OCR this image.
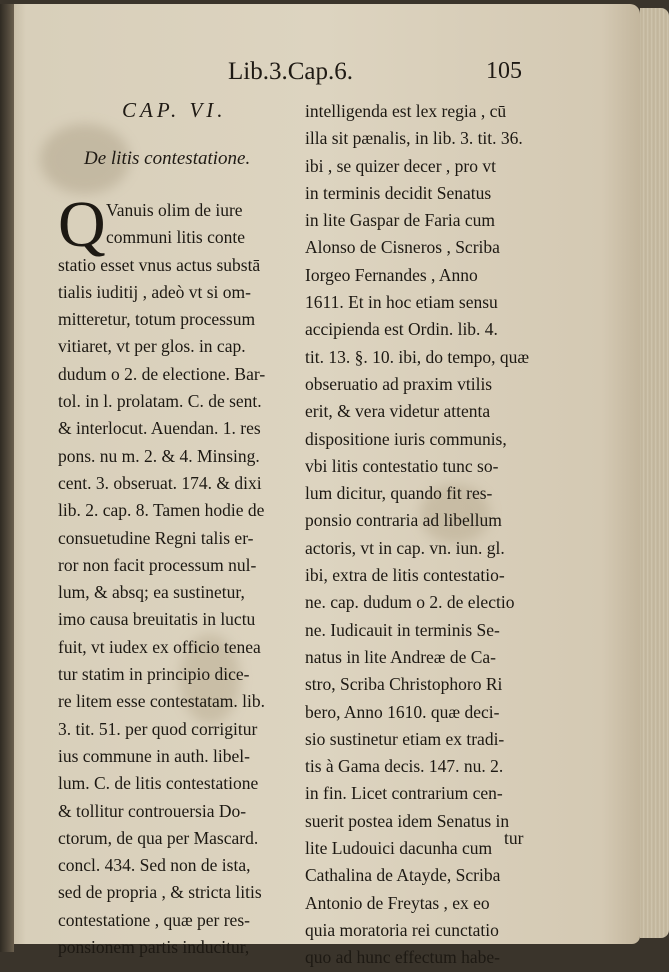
Lib.3.Cap.6.	105
CAP. VI.
De litis contestatione.
Q Vanuis olim de iure
communi litis conte
statio esset vnus actus substā
tialis iuditij , adeò vt si om-
mitteretur, totum processum
vitiaret, vt per glos. in cap.
dudum o 2. de electione. Bar-
tol. in l. prolatam. C. de sent.
& interlocut. Auendan. 1. res
pons. nu m. 2. & 4. Minsing.
cent. 3. obseruat. 174. & dixi
lib. 2. cap. 8. Tamen hodie de
consuetudine Regni talis er-
ror non facit processum nul-
lum, & absq; ea sustinetur,
imo causa breuitatis in luctu
fuit, vt iudex ex officio tenea
tur statim in principio dice-
re litem esse contestatam. lib.
3. tit. 51. per quod corrigitur
ius commune in auth. libel-
lum. C. de litis contestatione
& tollitur controuersia Do-
ctorum, de qua per Mascard.
concl. 434. Sed non de ista,
sed de propria , & stricta litis
contestatione , quæ per res-
ponsionem partis inducitur,
intelligenda est lex regia , cū
illa sit pænalis, in lib. 3. tit. 36.
ibi , se quizer decer , pro vt
in terminis decidit Senatus
in lite Gaspar de Faria cum
Alonso de Cisneros , Scriba
Iorgeo Fernandes , Anno
1611. Et in hoc etiam sensu
accipienda est Ordin. lib. 4.
tit. 13. §. 10. ibi, do tempo, quæ
obseruatio ad praxim vtilis
erit, & vera videtur attenta
dispositione iuris communis,
vbi litis contestatio tunc so-
lum dicitur, quando fit res-
ponsio contraria ad libellum
actoris, vt in cap. vn. iun. gl.
ibi, extra de litis contestatio-
ne. cap. dudum o 2. de electio
ne. Iudicauit in terminis Se-
natus in lite Andreæ de Ca-
stro, Scriba Christophoro Ri
bero, Anno 1610. quæ deci-
sio sustinetur etiam ex tradi-
tis à Gama decis. 147. nu. 2.
in fin. Licet contrarium cen-
suerit postea idem Senatus in
lite Ludouici dacunha cum
Cathalina de Atayde, Scriba
Antonio de Freytas , ex eo
quia moratoria rei cunctatio
quo ad hunc effectum habe-
tur
